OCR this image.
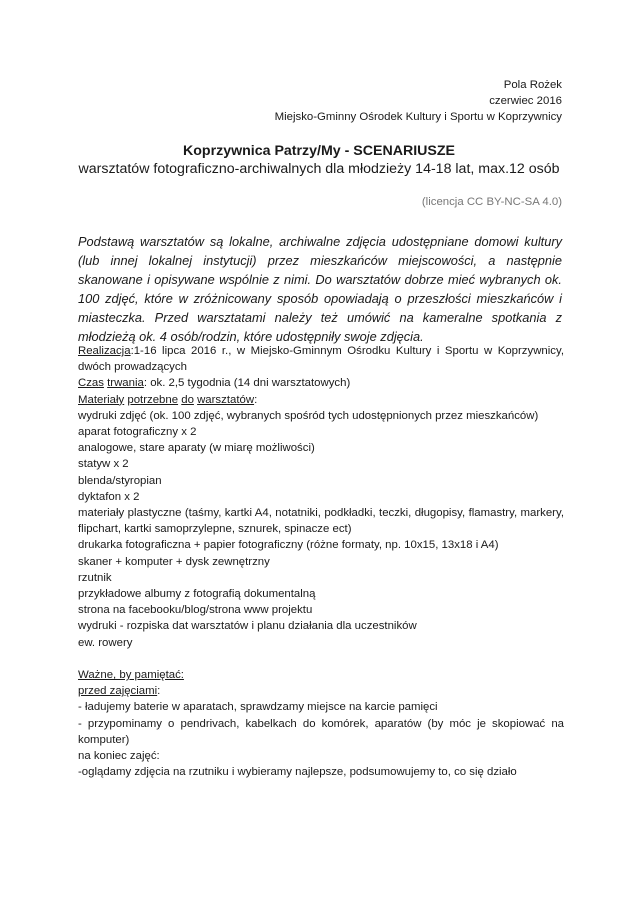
Pola Rożek
czerwiec 2016
Miejsko-Gminny Ośrodek Kultury i Sportu w Koprzywnicy
Koprzywnica Patrzy/My - SCENARIUSZE
warsztatów fotograficzno-archiwalnych dla młodzieży 14-18 lat, max.12 osób
(licencja CC BY-NC-SA 4.0)

Podstawą warsztatów są lokalne, archiwalne zdjęcia udostępniane domowi kultury (lub innej lokalnej instytucji) przez mieszkańców miejscowości, a następnie skanowane i opisywane wspólnie z nimi. Do warsztatów dobrze mieć wybranych ok. 100 zdjęć, które w zróżnicowany sposób opowiadają o przeszłości mieszkańców i miasteczka. Przed warsztatami należy też umówić na kameralne spotkania z młodzieżą ok. 4 osób/rodzin, które udostępniły swoje zdjęcia.

Realizacja:1-16 lipca 2016 r., w Miejsko-Gminnym Ośrodku Kultury i Sportu w Koprzywnicy, dwóch prowadzących

Czas trwania: ok. 2,5 tygodnia (14 dni warsztatowych)

Materiały potrzebne do warsztatów:

wydruki zdjęć (ok. 100 zdjęć, wybranych spośród tych udostępnionych przez mieszkańców)

aparat fotograficzny x 2

analogowe, stare aparaty (w miarę możliwości)

statyw x 2

blenda/styropian

dyktafon x 2

materiały plastyczne (taśmy, kartki A4, notatniki, podkładki, teczki, długopisy, flamastry, markery, flipchart, kartki samoprzylepne, sznurek, spinacze ect)

drukarka fotograficzna + papier fotograficzny (różne formaty, np. 10x15, 13x18 i A4)

skaner + komputer + dysk zewnętrzny

rzutnik

przykładowe albumy z fotografią dokumentalną

strona na facebooku/blog/strona www projektu

wydruki - rozpiska dat warsztatów i planu działania dla uczestników

ew. rowery

Ważne, by pamiętać:

przed zajęciami:

- ładujemy baterie w aparatach, sprawdzamy miejsce na karcie pamięci

- przypominamy o pendrivach, kabelkach do komórek, aparatów (by móc je skopiować na komputer)

na koniec zajęć:

-oglądamy zdjęcia na rzutniku i wybieramy najlepsze, podsumowujemy to, co się działo
